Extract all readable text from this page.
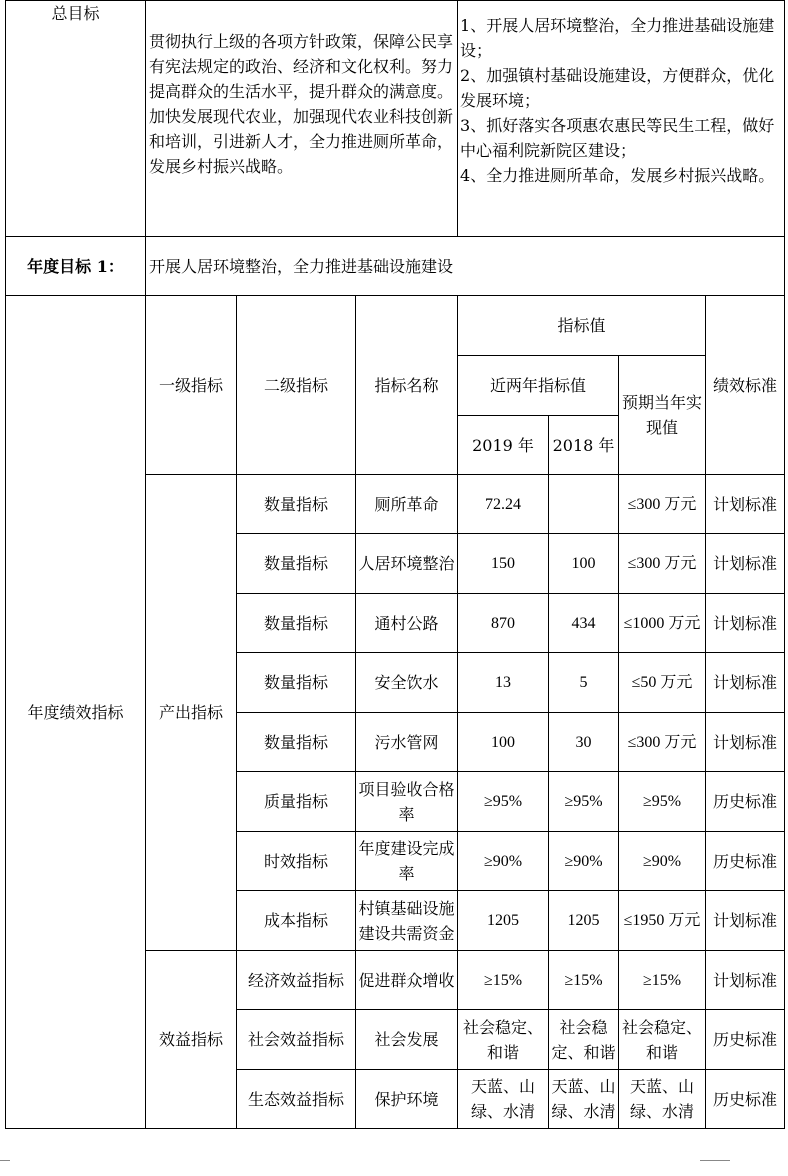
总目标	贯彻执行上级的各项方针政策，保障公民享有宪法规定的政治、经济和文化权利。努力提高群众的生活水平，提升群众的满意度。加快发展现代农业，加强现代农业科技创新和培训，引进新人才，全力推进厕所革命，发展乡村振兴战略。			1、开展人居环境整治，全力推进基础设施建设；
2、加强镇村基础设施建设，方便群众，优化发展环境；
3、抓好落实各项惠农惠民等民生工程，做好中心福利院新院区建设；
4、全力推进厕所革命，发展乡村振兴战略。			

年度目标 1：	开展人居环境整治，全力推进基础设施建设						
年度绩效指标	一级指标	二级指标	指标名称	指标值			绩效标准
				近两年指标值		预期当年实现值	
				2019 年	2018 年		
	产出指标	数量指标	厕所革命	72.24		≤300 万元	计划标准
		数量指标	人居环境整治	150	100	≤300 万元	计划标准
		数量指标	通村公路	870	434	≤1000 万元	计划标准
		数量指标	安全饮水	13	5	≤50 万元	计划标准
		数量指标	污水管网	100	30	≤300 万元	计划标准
		质量指标	项目验收合格率	≥95%	≥95%	≥95%	历史标准
		时效指标	年度建设完成率	≥90%	≥90%	≥90%	历史标准
		成本指标	村镇基础设施建设共需资金	1205	1205	≤1950 万元	计划标准
	效益指标	经济效益指标	促进群众增收	≥15%	≥15%	≥15%	计划标准
		社会效益指标	社会发展	社会稳定、和谐	社会稳定、和谐	社会稳定、和谐	历史标准
		生态效益指标	保护环境	天蓝、山绿、水清	天蓝、山绿、水清	天蓝、山绿、水清	历史标准
